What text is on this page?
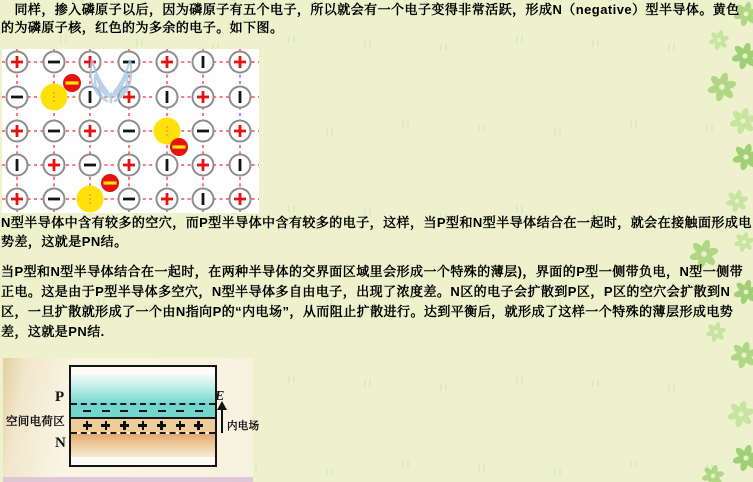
　同样，掺入磷原子以后，因为磷原子有五个电子，所以就会有一个电子变得非常活跃，形成N（negative）型半导体。黄色的为磷原子核，红色的为多余的电子。如下图。

N型半导体中含有较多的空穴，而P型半导体中含有较多的电子，这样，当P型和N型半导体结合在一起时，就会在接触面形成电势差，这就是PN结。

当P型和N型半导体结合在一起时，在两种半导体的交界面区域里会形成一个特殊的薄层)，界面的P型一侧带负电，N型一侧带正电。这是由于P型半导体多空穴，N型半导体多自由电子，出现了浓度差。N区的电子会扩散到P区，P区的空穴会扩散到N区，一旦扩散就形成了一个由N指向P的“内电场”，从而阻止扩散进行。达到平衡后，就形成了这样一个特殊的薄层形成电势差，这就是PN结.

P
空间电荷区
N
E
内电场
